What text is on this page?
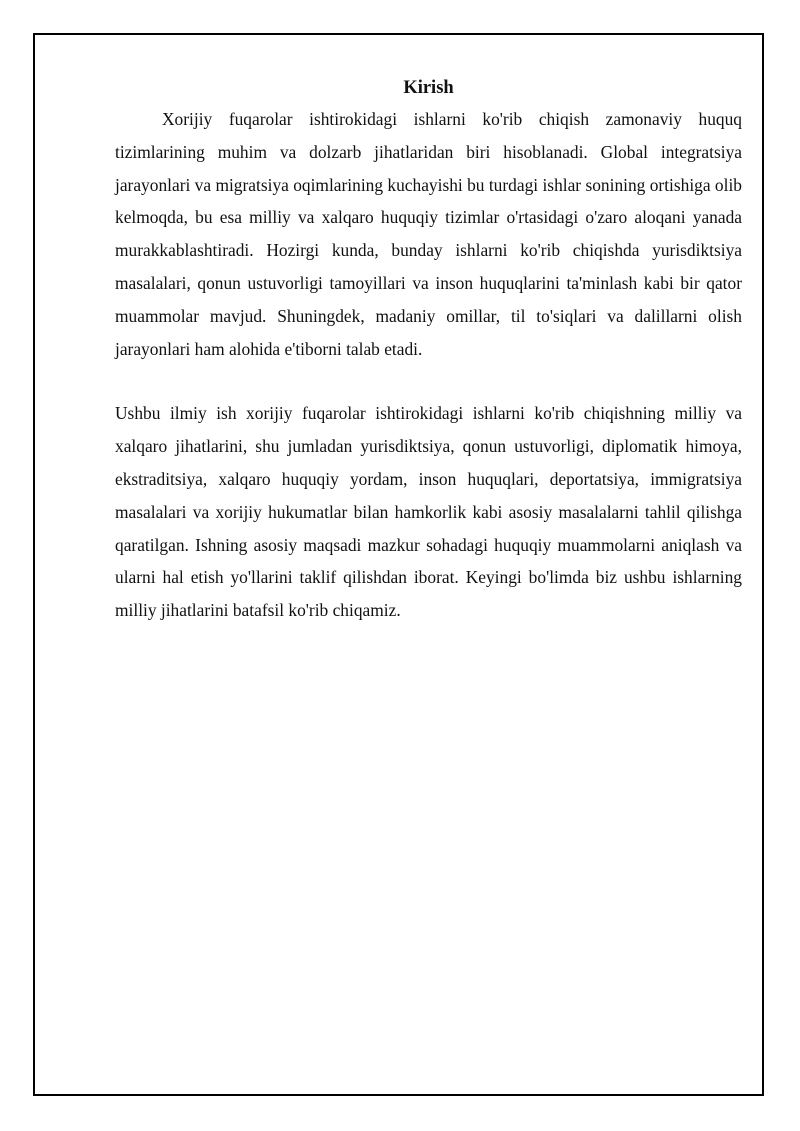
Kirish

Xorijiy fuqarolar ishtirokidagi ishlarni ko'rib chiqish zamonaviy huquq tizimlarining muhim va dolzarb jihatlaridan biri hisoblanadi. Global integratsiya jarayonlari va migratsiya oqimlarining kuchayishi bu turdagi ishlar sonining ortishiga olib kelmoqda, bu esa milliy va xalqaro huquqiy tizimlar o'rtasidagi o'zaro aloqani yanada murakkablashtiradi. Hozirgi kunda, bunday ishlarni ko'rib chiqishda yurisdiktsiya masalalari, qonun ustuvorligi tamoyillari va inson huquqlarini ta'minlash kabi bir qator muammolar mavjud. Shuningdek, madaniy omillar, til to'siqlari va dalillarni olish jarayonlari ham alohida e'tiborni talab etadi.

Ushbu ilmiy ish xorijiy fuqarolar ishtirokidagi ishlarni ko'rib chiqishning milliy va xalqaro jihatlarini, shu jumladan yurisdiktsiya, qonun ustuvorligi, diplomatik himoya, ekstraditsiya, xalqaro huquqiy yordam, inson huquqlari, deportatsiya, immigratsiya masalalari va xorijiy hukumatlar bilan hamkorlik kabi asosiy masalalarni tahlil qilishga qaratilgan. Ishning asosiy maqsadi mazkur sohadagi huquqiy muammolarni aniqlash va ularni hal etish yo'llarini taklif qilishdan iborat. Keyingi bo'limda biz ushbu ishlarning milliy jihatlarini batafsil ko'rib chiqamiz.
